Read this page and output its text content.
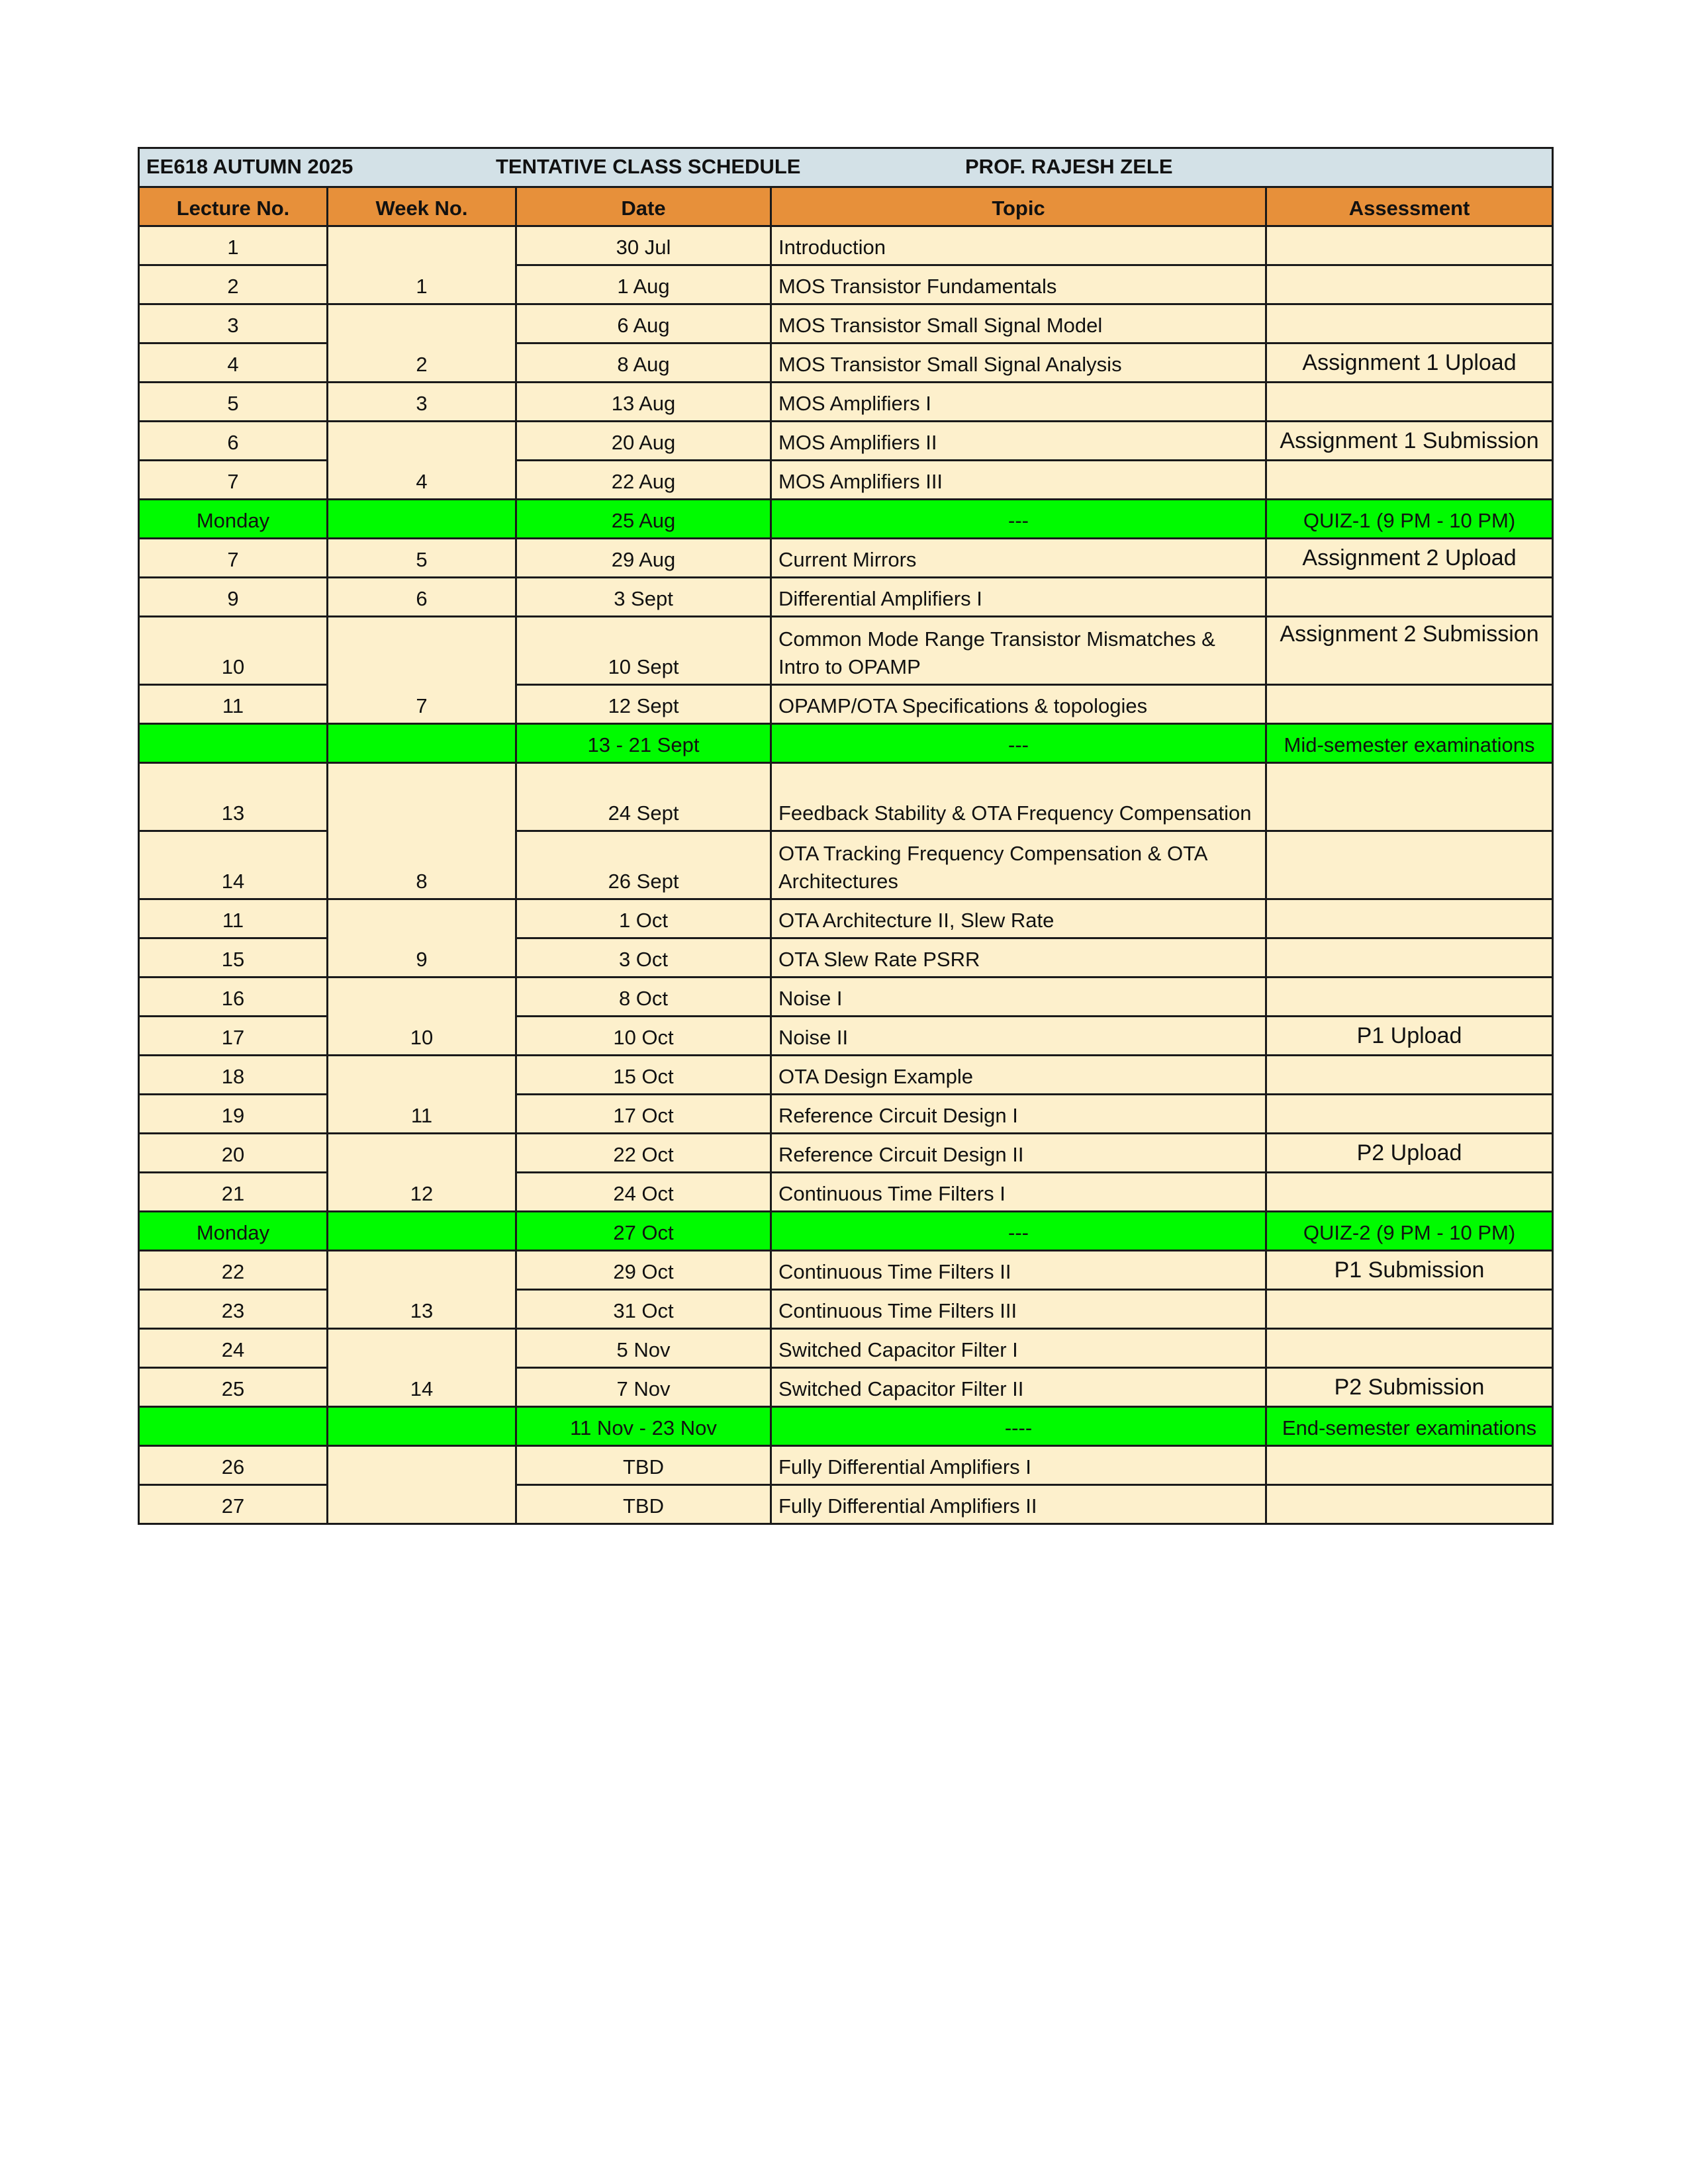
EE618 AUTUMN 2025 TENTATIVE CLASS SCHEDULE PROF. RAJESH ZELE				

Lecture No.	Week No.	Date	Topic	Assessment
1	1	30 Jul	Introduction	
2		1 Aug	MOS Transistor Fundamentals	
3	2	6 Aug	MOS Transistor Small Signal Model	
4		8 Aug	MOS Transistor Small Signal Analysis	Assignment 1 Upload
5	3	13 Aug	MOS Amplifiers I	
6	4	20 Aug	MOS Amplifiers II	Assignment 1 Submission
7		22 Aug	MOS Amplifiers III	
Monday		25 Aug	---	QUIZ-1 (9 PM - 10 PM)
7	5	29 Aug	Current Mirrors	Assignment 2 Upload
9	6	3 Sept	Differential Amplifiers I	
10	7	10 Sept	Common Mode Range Transistor Mismatches & Intro to OPAMP	Assignment 2 Submission
11		12 Sept	OPAMP/OTA Specifications & topologies	
		13 - 21 Sept	---	Mid-semester examinations
13	8	24 Sept	Feedback Stability & OTA Frequency Compensation	
14		26 Sept	OTA Tracking Frequency Compensation & OTA Architectures	
11	9	1 Oct	OTA Architecture II, Slew Rate	
15		3 Oct	OTA Slew Rate PSRR	
16	10	8 Oct	Noise I	
17		10 Oct	Noise II	P1 Upload
18	11	15 Oct	OTA Design Example	
19		17 Oct	Reference Circuit Design I	
20	12	22 Oct	Reference Circuit Design II	P2 Upload
21		24 Oct	Continuous Time Filters I	
Monday		27 Oct	---	QUIZ-2 (9 PM - 10 PM)
22	13	29 Oct	Continuous Time Filters II	P1 Submission
23		31 Oct	Continuous Time Filters III	
24	14	5 Nov	Switched Capacitor Filter I	
25		7 Nov	Switched Capacitor Filter II	P2 Submission
		11 Nov - 23 Nov	----	End-semester examinations
26		TBD	Fully Differential Amplifiers I	
27		TBD	Fully Differential Amplifiers II	
